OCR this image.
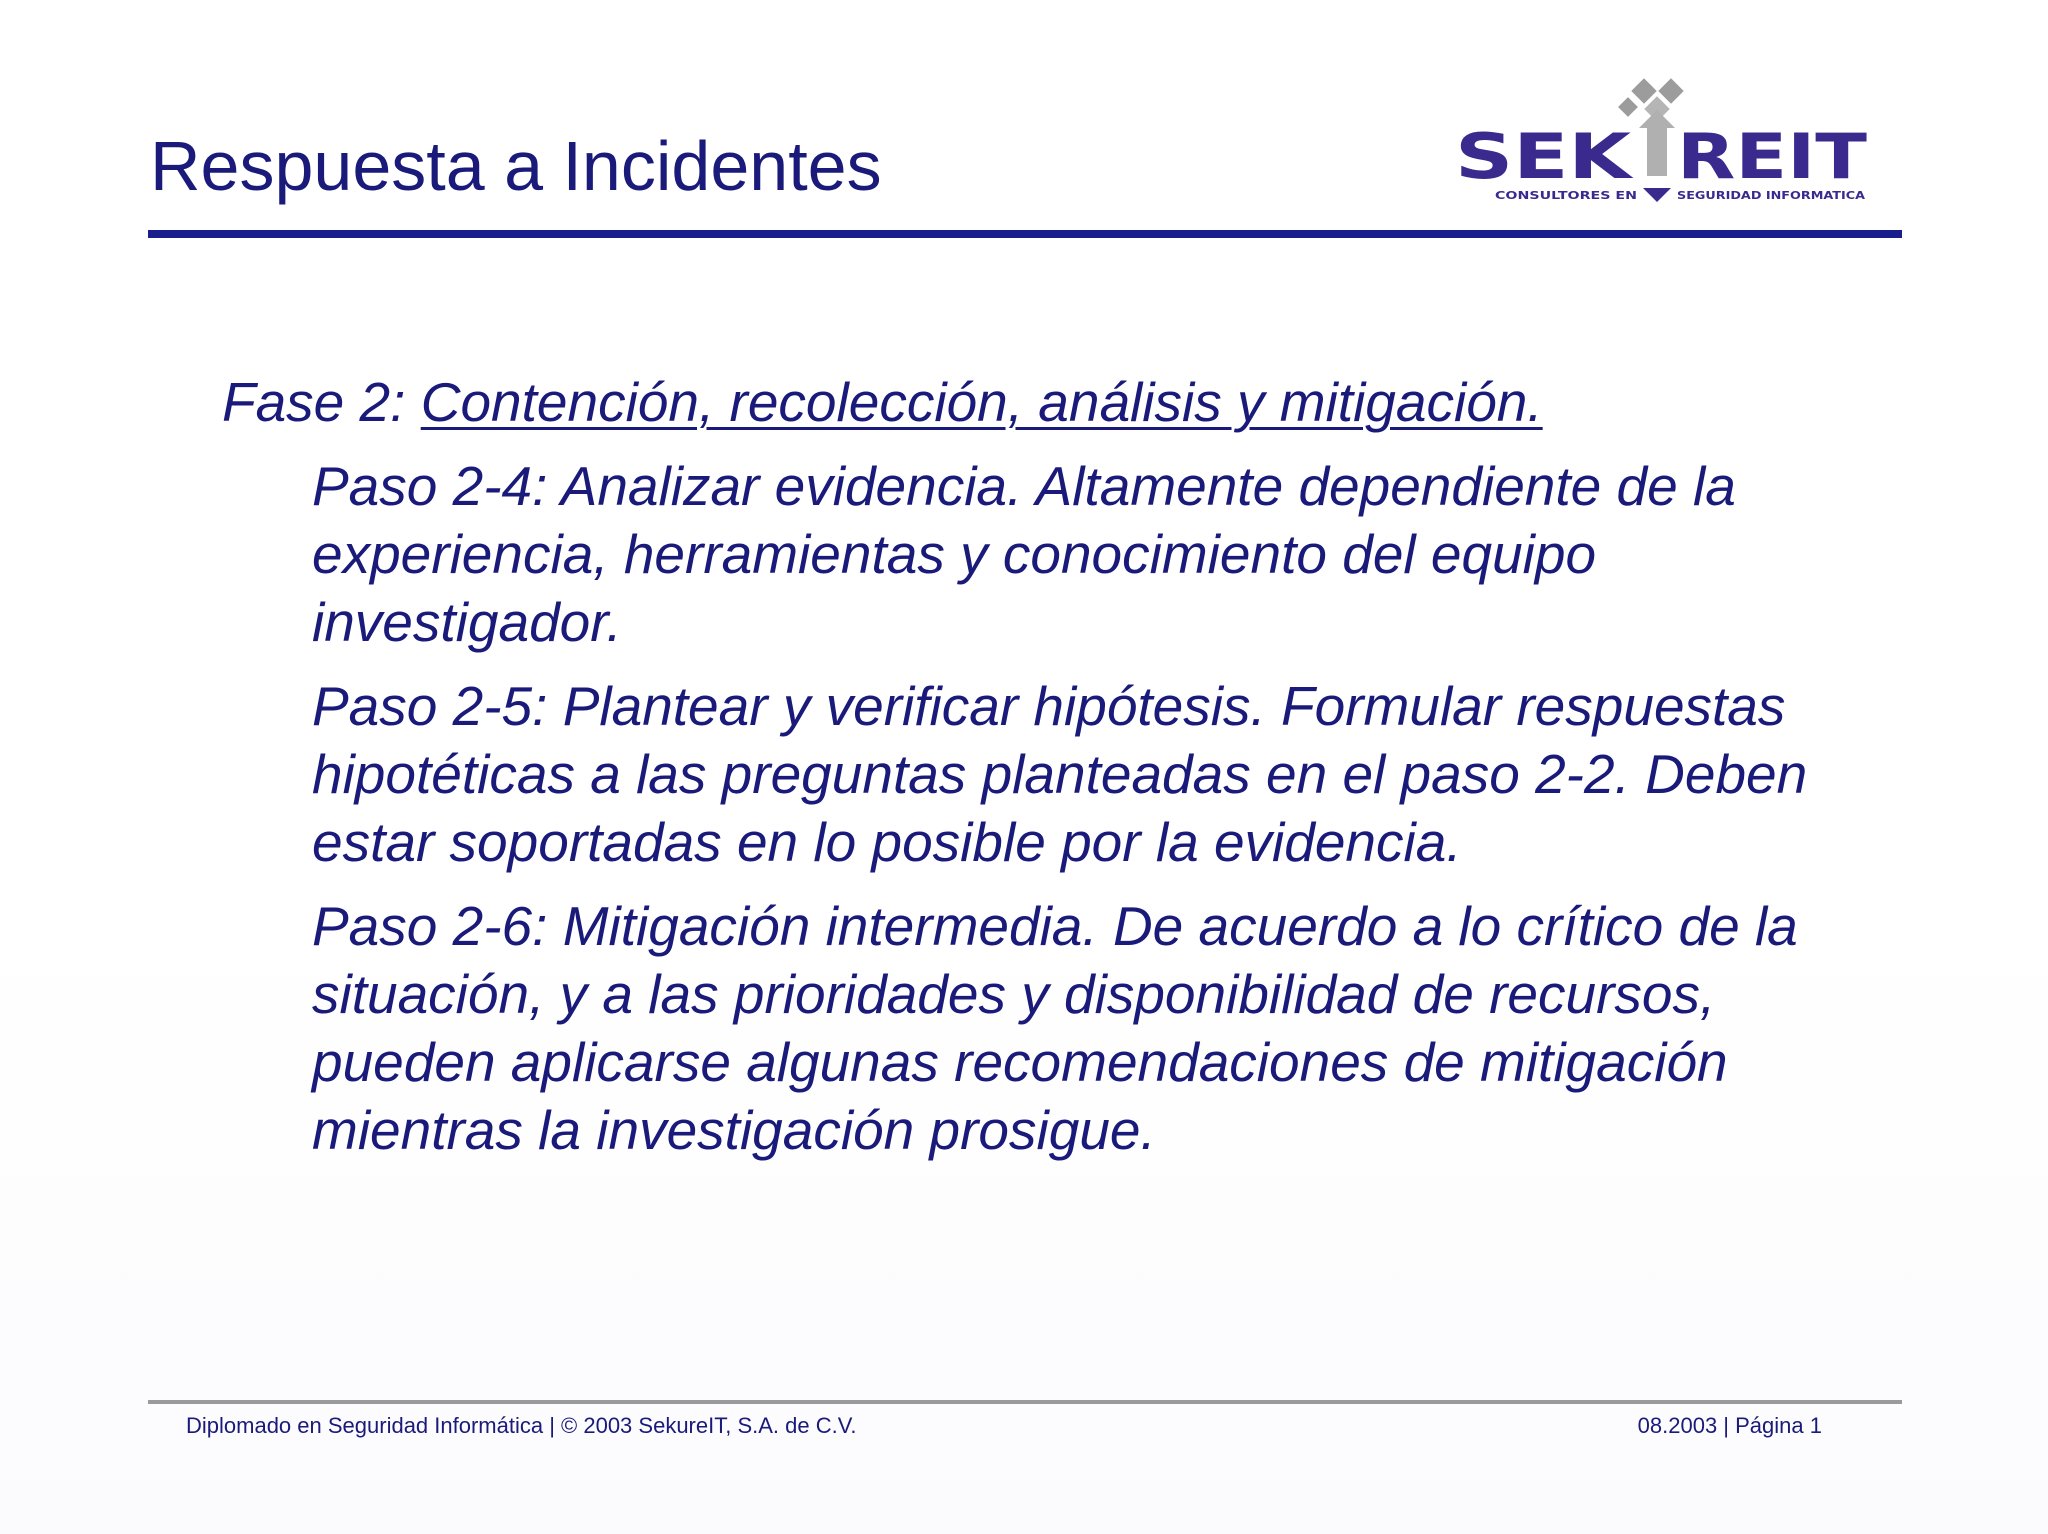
Respuesta a Incidentes	SEK REIT
CONSULTORES EN	SEGURIDAD INFORMATICA
Fase 2: Contención, recolección, análisis y mitigación.
Paso 2-4: Analizar evidencia. Altamente dependiente de la
experiencia, herramientas y conocimiento del equipo
investigador.
Paso 2-5: Plantear y verificar hipótesis. Formular respuestas
hipotéticas a las preguntas planteadas en el paso 2-2. Deben
estar soportadas en lo posible por la evidencia.
Paso 2-6: Mitigación intermedia. De acuerdo a lo crítico de la
situación, y a las prioridades y disponibilidad de recursos,
pueden aplicarse algunas recomendaciones de mitigación
mientras la investigación prosigue.
Diplomado en Seguridad Informática | © 2003 SekureIT, S.A. de C.V.	08.2003 | Página 1
